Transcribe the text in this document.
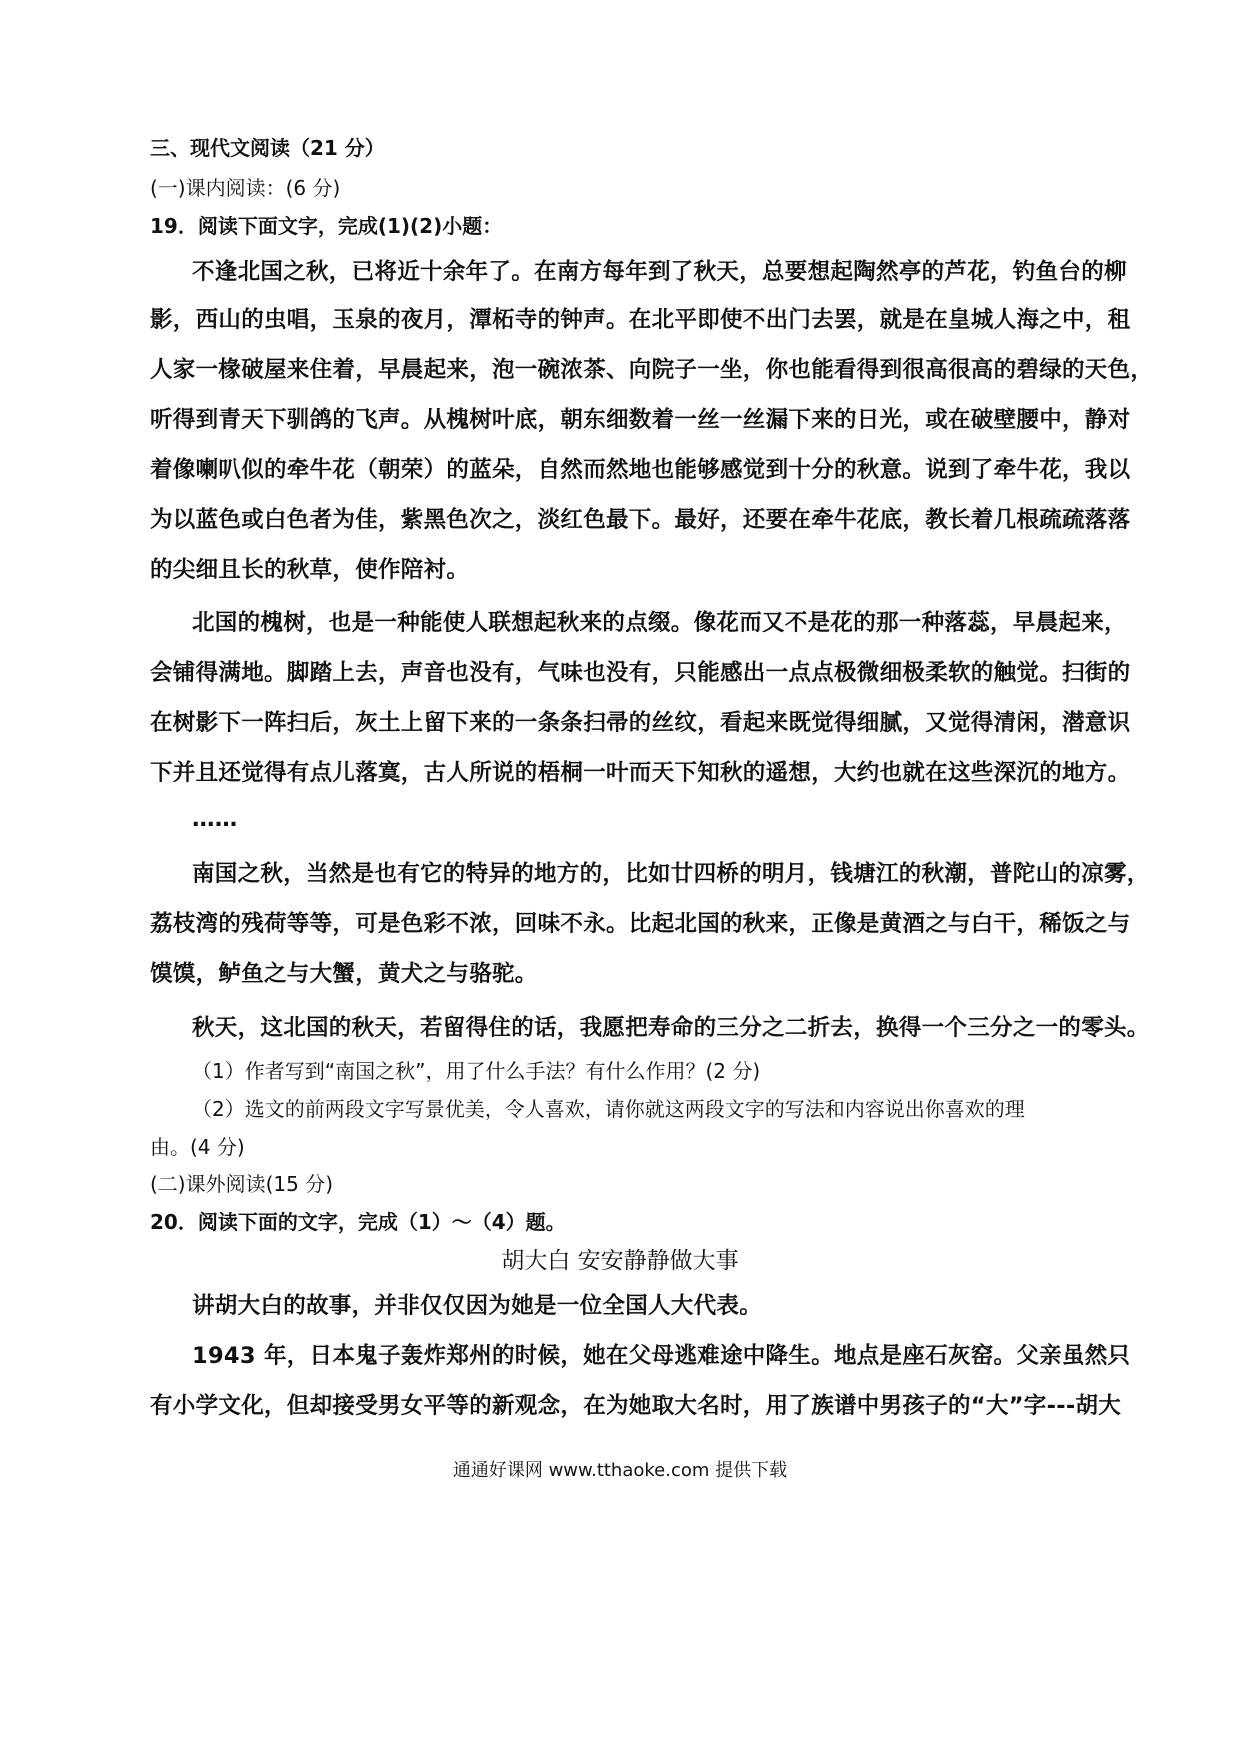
三、现代文阅读（21 分）
(一)课内阅读：(6 分)
19．阅读下面文字，完成(1)(2)小题：
不逢北国之秋，已将近十余年了。在南方每年到了秋天，总要想起陶然亭的芦花，钓鱼台的柳
影，西山的虫唱，玉泉的夜月，潭柘寺的钟声。在北平即使不出门去罢，就是在皇城人海之中，租
人家一椽破屋来住着，早晨起来，泡一碗浓茶、向院子一坐，你也能看得到很高很高的碧绿的天色，
听得到青天下驯鸽的飞声。从槐树叶底，朝东细数着一丝一丝漏下来的日光，或在破壁腰中，静对
着像喇叭似的牵牛花（朝荣）的蓝朵，自然而然地也能够感觉到十分的秋意。说到了牵牛花，我以
为以蓝色或白色者为佳，紫黑色次之，淡红色最下。最好，还要在牵牛花底，教长着几根疏疏落落
的尖细且长的秋草，使作陪衬。
北国的槐树，也是一种能使人联想起秋来的点缀。像花而又不是花的那一种落蕊，早晨起来，
会铺得满地。脚踏上去，声音也没有，气味也没有，只能感出一点点极微细极柔软的触觉。扫街的
在树影下一阵扫后，灰土上留下来的一条条扫帚的丝纹，看起来既觉得细腻，又觉得清闲，潜意识
下并且还觉得有点儿落寞，古人所说的梧桐一叶而天下知秋的遥想，大约也就在这些深沉的地方。
……
南国之秋，当然是也有它的特异的地方的，比如廿四桥的明月，钱塘江的秋潮，普陀山的凉雾，
荔枝湾的残荷等等，可是色彩不浓，回味不永。比起北国的秋来，正像是黄酒之与白干，稀饭之与
馍馍，鲈鱼之与大蟹，黄犬之与骆驼。
秋天，这北国的秋天，若留得住的话，我愿把寿命的三分之二折去，换得一个三分之一的零头。
（1）作者写到“南国之秋”，用了什么手法？有什么作用？(2 分)
（2）选文的前两段文字写景优美，令人喜欢，请你就这两段文字的写法和内容说出你喜欢的理
由。(4 分)
(二)课外阅读(15 分)
20．阅读下面的文字，完成（1）～（4）题。
胡大白 安安静静做大事
讲胡大白的故事，并非仅仅因为她是一位全国人大代表。
1943 年，日本鬼子轰炸郑州的时候，她在父母逃难途中降生。地点是座石灰窑。父亲虽然只
有小学文化，但却接受男女平等的新观念，在为她取大名时，用了族谱中男孩子的“大”字---胡大
通通好课网 www.tthaoke.com 提供下载
